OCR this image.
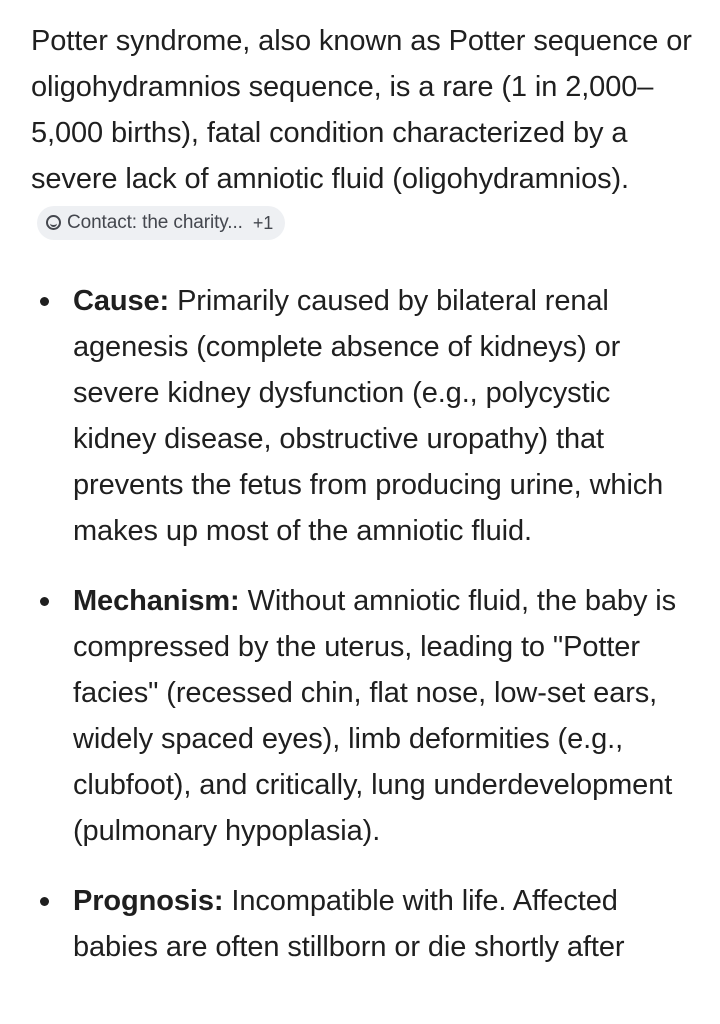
Potter syndrome, also known as Potter sequence or oligohydramnios sequence, is a rare (1 in 2,000–5,000 births), fatal condition characterized by a severe lack of amniotic fluid (oligohydramnios).
Contact: the charity... +1

Cause: Primarily caused by bilateral renal agenesis (complete absence of kidneys) or severe kidney dysfunction (e.g., polycystic kidney disease, obstructive uropathy) that prevents the fetus from producing urine, which makes up most of the amniotic fluid.
Mechanism: Without amniotic fluid, the baby is compressed by the uterus, leading to "Potter facies" (recessed chin, flat nose, low-set ears, widely spaced eyes), limb deformities (e.g., clubfoot), and critically, lung underdevelopment (pulmonary hypoplasia).
Prognosis: Incompatible with life. Affected babies are often stillborn or die shortly after
